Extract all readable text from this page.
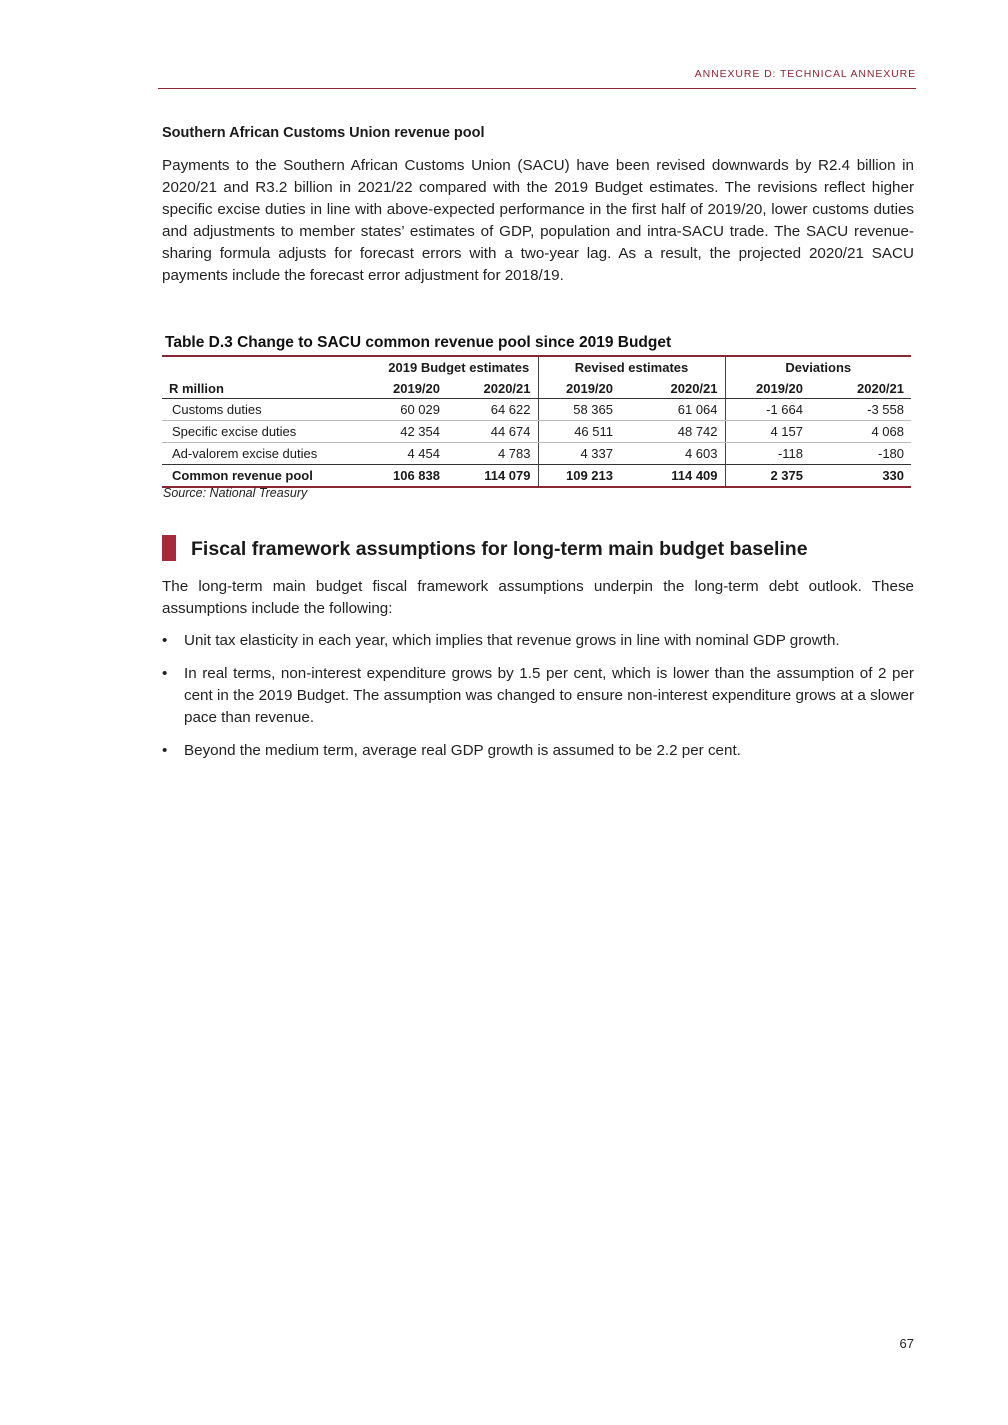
ANNEXURE D: TECHNICAL ANNEXURE
Southern African Customs Union revenue pool
Payments to the Southern African Customs Union (SACU) have been revised downwards by R2.4 billion in 2020/21 and R3.2 billion in 2021/22 compared with the 2019 Budget estimates. The revisions reflect higher specific excise duties in line with above-expected performance in the first half of 2019/20, lower customs duties and adjustments to member states’ estimates of GDP, population and intra-SACU trade. The SACU revenue-sharing formula adjusts for forecast errors with a two-year lag. As a result, the projected 2020/21 SACU payments include the forecast error adjustment for 2018/19.
Table D.3 Change to SACU common revenue pool since 2019 Budget
	2019 Budget estimates		Revised estimates		Deviations	
R million	2019/20	2020/21	2019/20	2020/21	2019/20	2020/21
Customs duties	60 029	64 622	58 365	61 064	-1 664	-3 558
Specific excise duties	42 354	44 674	46 511	48 742	4 157	4 068
Ad-valorem excise duties	4 454	4 783	4 337	4 603	-118	-180
Common revenue pool	106 838	114 079	109 213	114 409	2 375	330
Source: National Treasury
Fiscal framework assumptions for long-term main budget baseline
The long-term main budget fiscal framework assumptions underpin the long-term debt outlook. These assumptions include the following:
• Unit tax elasticity in each year, which implies that revenue grows in line with nominal GDP growth.
• In real terms, non-interest expenditure grows by 1.5 per cent, which is lower than the assumption of 2 per cent in the 2019 Budget. The assumption was changed to ensure non-interest expenditure grows at a slower pace than revenue.
• Beyond the medium term, average real GDP growth is assumed to be 2.2 per cent.
67
